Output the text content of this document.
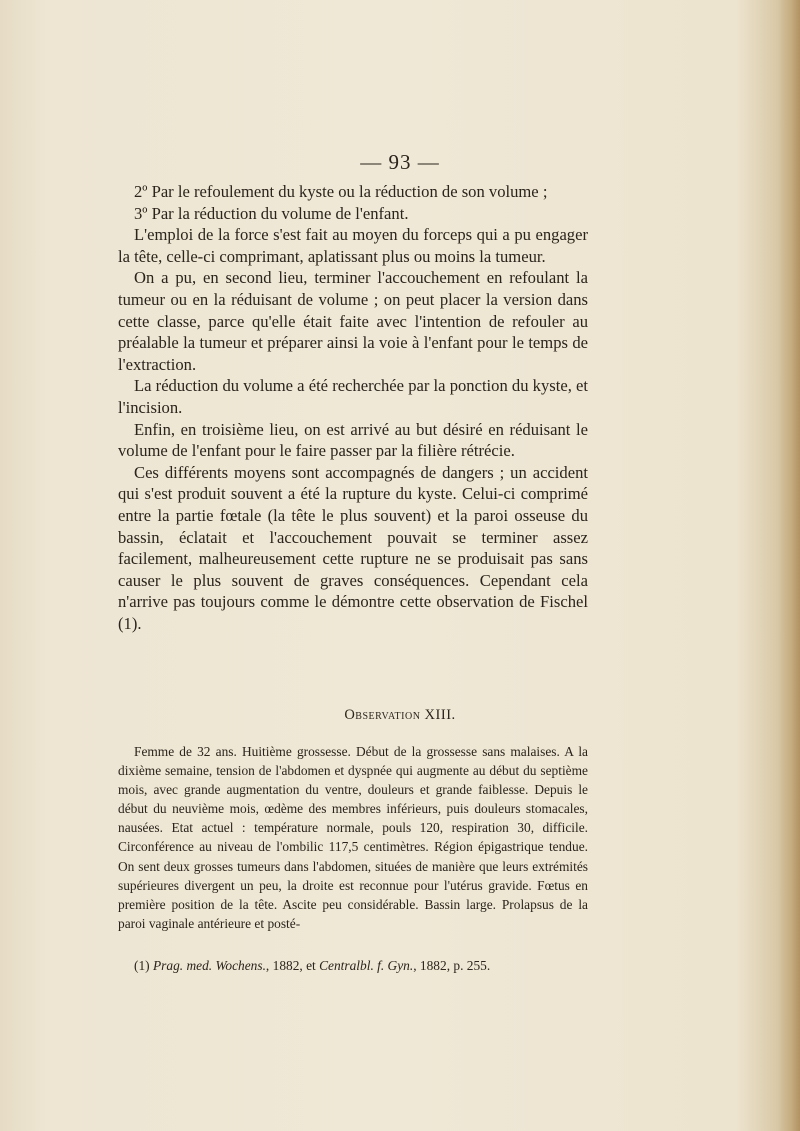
— 93 —

2º Par le refoulement du kyste ou la réduction de son volume ;

3º Par la réduction du volume de l'enfant.

L'emploi de la force s'est fait au moyen du forceps qui a pu engager la tête, celle-ci comprimant, aplatissant plus ou moins la tumeur.

On a pu, en second lieu, terminer l'accouchement en refoulant la tumeur ou en la réduisant de volume ; on peut placer la version dans cette classe, parce qu'elle était faite avec l'intention de refouler au préalable la tumeur et préparer ainsi la voie à l'enfant pour le temps de l'extraction.

La réduction du volume a été recherchée par la ponction du kyste, et l'incision.

Enfin, en troisième lieu, on est arrivé au but désiré en réduisant le volume de l'enfant pour le faire passer par la filière rétrécie.

Ces différents moyens sont accompagnés de dangers ; un accident qui s'est produit souvent a été la rupture du kyste. Celui-ci comprimé entre la partie fœtale (la tête le plus souvent) et la paroi osseuse du bassin, éclatait et l'accouchement pouvait se terminer assez facilement, malheureusement cette rupture ne se produisait pas sans causer le plus souvent de graves conséquences. Cependant cela n'arrive pas toujours comme le démontre cette observation de Fischel (1).

Observation XIII.

Femme de 32 ans. Huitième grossesse. Début de la grossesse sans malaises. A la dixième semaine, tension de l'abdomen et dyspnée qui augmente au début du septième mois, avec grande augmentation du ventre, douleurs et grande faiblesse. Depuis le début du neuvième mois, œdème des membres inférieurs, puis douleurs stomacales, nausées. Etat actuel : température normale, pouls 120, respiration 30, difficile. Circonférence au niveau de l'ombilic 117,5 centimètres. Région épigastrique tendue. On sent deux grosses tumeurs dans l'abdomen, situées de manière que leurs extrémités supérieures divergent un peu, la droite est reconnue pour l'utérus gravide. Fœtus en première position de la tête. Ascite peu considérable. Bassin large. Prolapsus de la paroi vaginale antérieure et posté-

(1) Prag. med. Wochens., 1882, et Centralbl. f. Gyn., 1882, p. 255.
